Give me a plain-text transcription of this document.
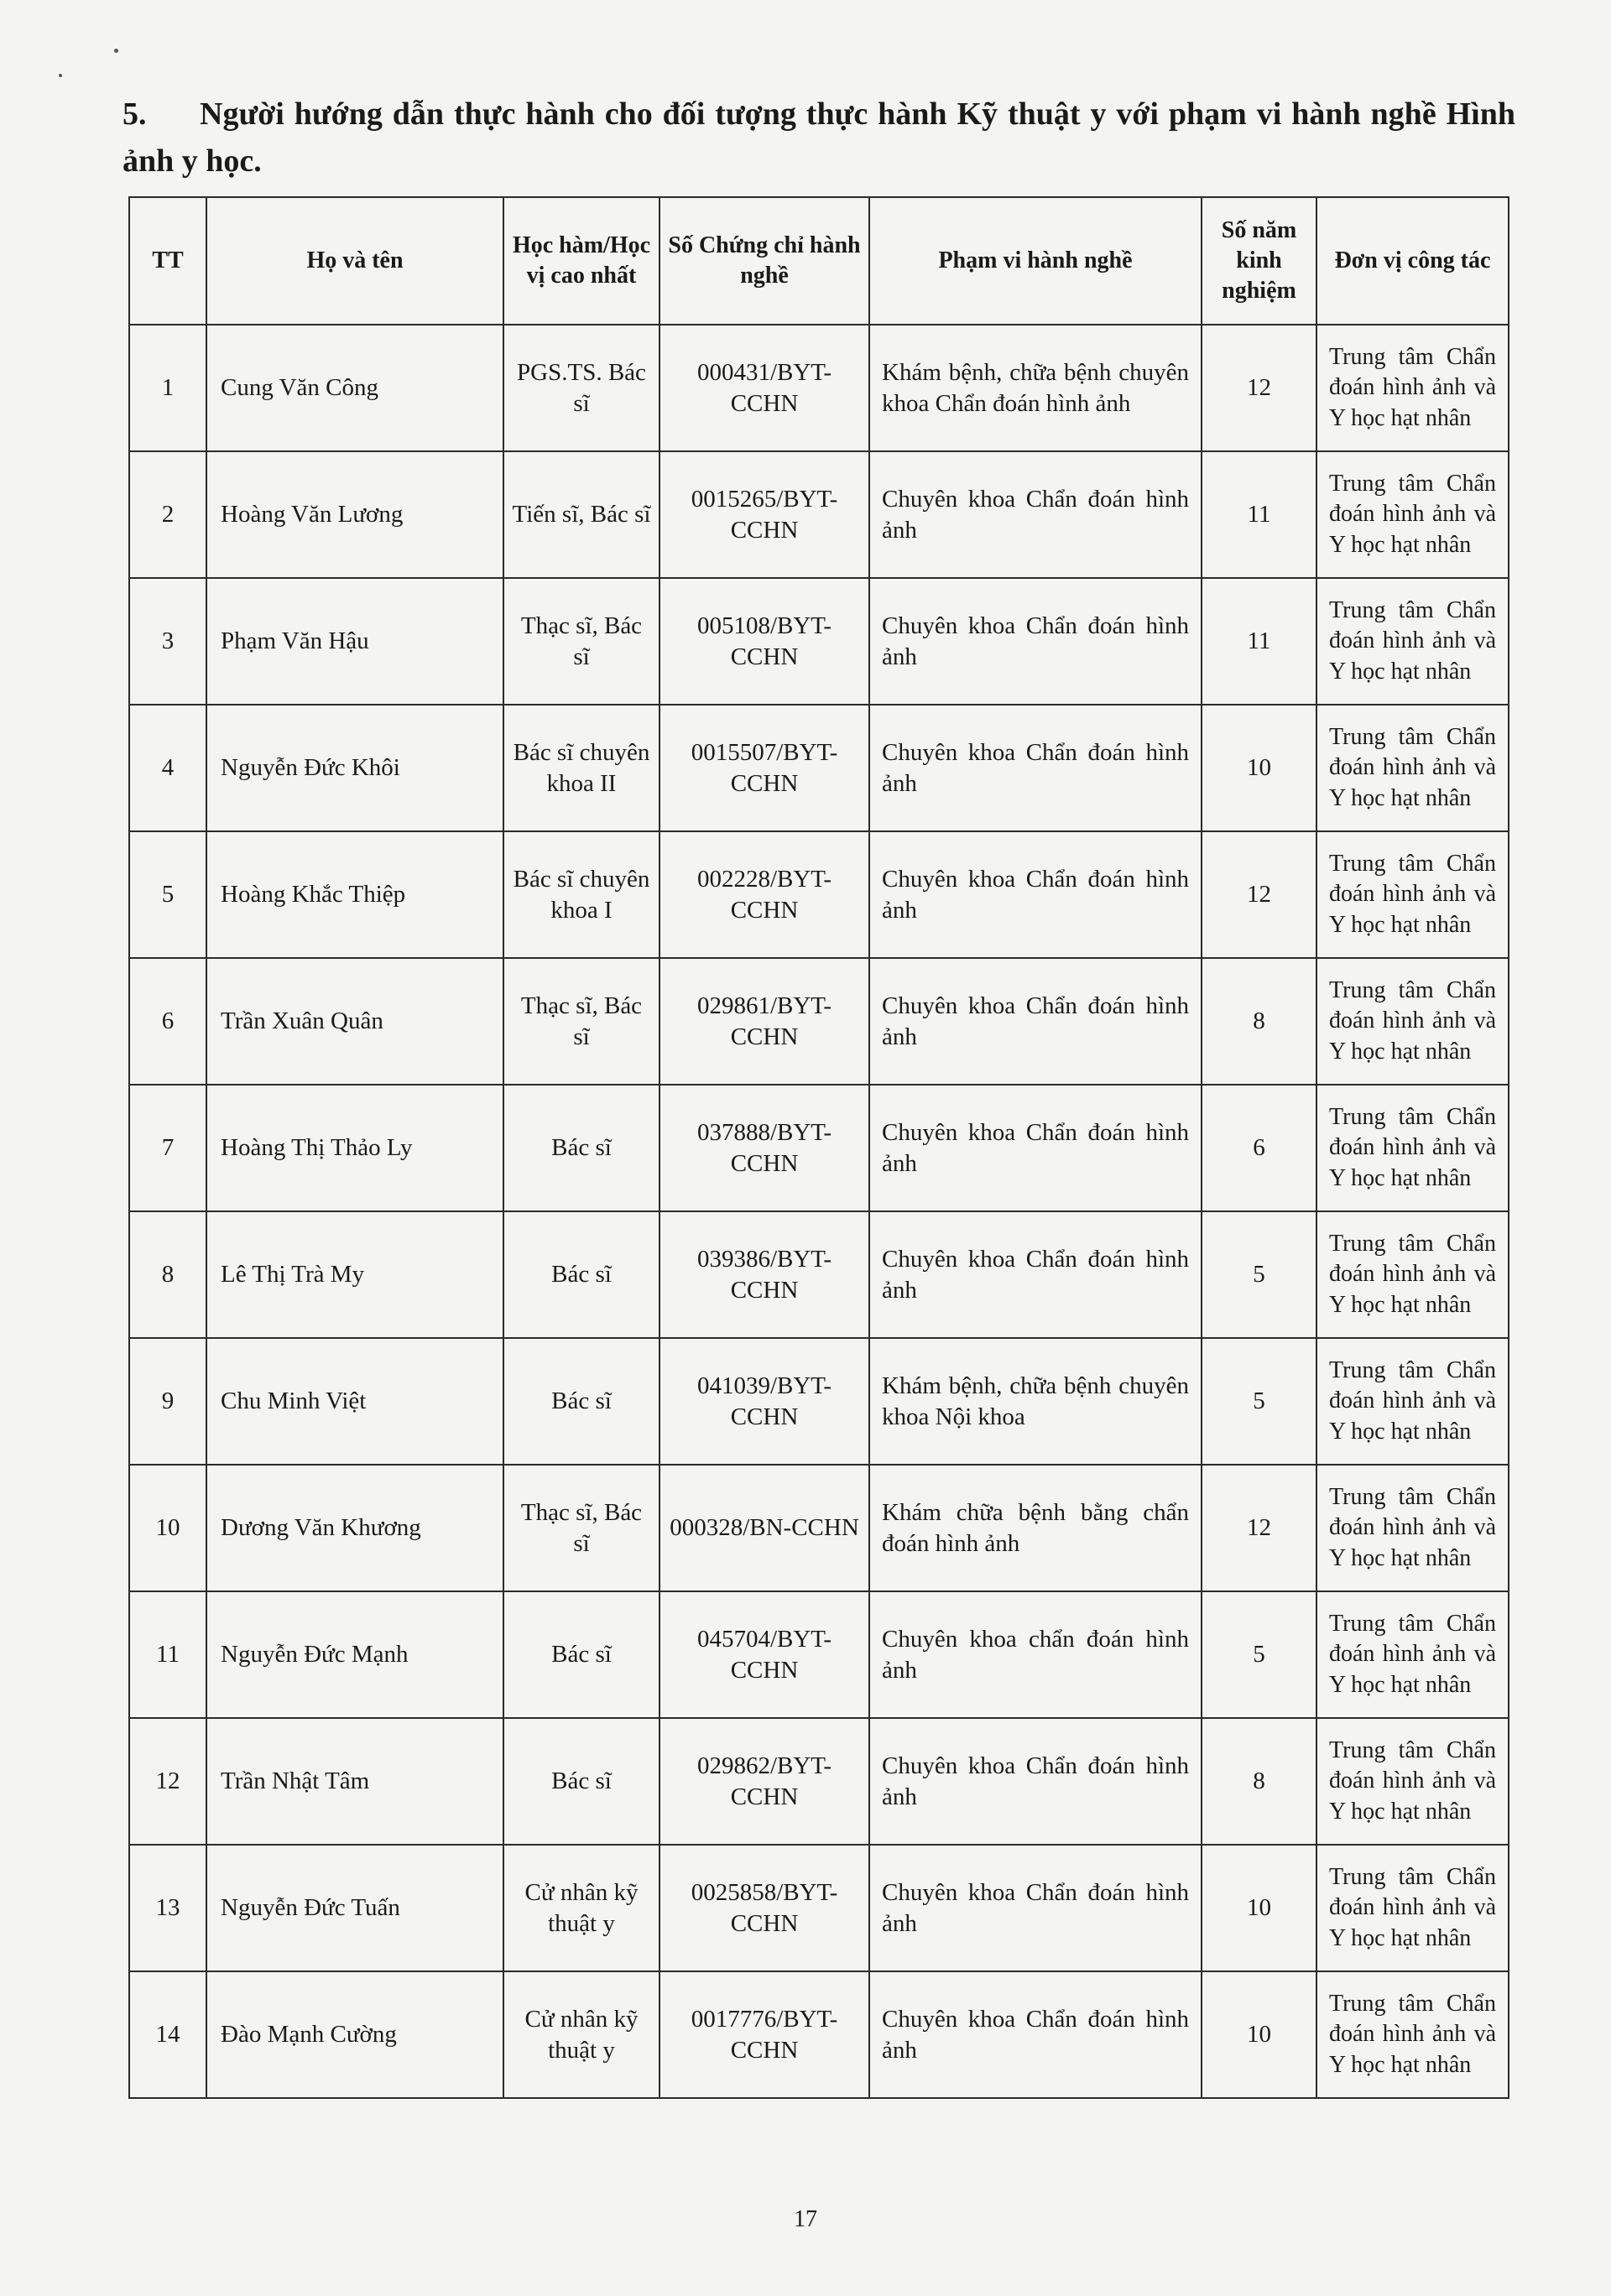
5. Người hướng dẫn thực hành cho đối tượng thực hành Kỹ thuật y với phạm vi hành nghề Hình ảnh y học.

TT	Họ và tên	Học hàm/Học vị cao nhất	Số Chứng chỉ hành nghề	Phạm vi hành nghề	Số năm kinh nghiệm	Đơn vị công tác
1	Cung Văn Công	PGS.TS. Bác sĩ	000431/BYT-CCHN	Khám bệnh, chữa bệnh chuyên khoa Chẩn đoán hình ảnh	12	Trung tâm Chẩn đoán hình ảnh và Y học hạt nhân
2	Hoàng Văn Lương	Tiến sĩ, Bác sĩ	0015265/BYT-CCHN	Chuyên khoa Chẩn đoán hình ảnh	11	Trung tâm Chẩn đoán hình ảnh và Y học hạt nhân
3	Phạm Văn Hậu	Thạc sĩ, Bác sĩ	005108/BYT-CCHN	Chuyên khoa Chẩn đoán hình ảnh	11	Trung tâm Chẩn đoán hình ảnh và Y học hạt nhân
4	Nguyễn Đức Khôi	Bác sĩ chuyên khoa II	0015507/BYT-CCHN	Chuyên khoa Chẩn đoán hình ảnh	10	Trung tâm Chẩn đoán hình ảnh và Y học hạt nhân
5	Hoàng Khắc Thiệp	Bác sĩ chuyên khoa I	002228/BYT-CCHN	Chuyên khoa Chẩn đoán hình ảnh	12	Trung tâm Chẩn đoán hình ảnh và Y học hạt nhân
6	Trần Xuân Quân	Thạc sĩ, Bác sĩ	029861/BYT-CCHN	Chuyên khoa Chẩn đoán hình ảnh	8	Trung tâm Chẩn đoán hình ảnh và Y học hạt nhân
7	Hoàng Thị Thảo Ly	Bác sĩ	037888/BYT-CCHN	Chuyên khoa Chẩn đoán hình ảnh	6	Trung tâm Chẩn đoán hình ảnh và Y học hạt nhân
8	Lê Thị Trà My	Bác sĩ	039386/BYT-CCHN	Chuyên khoa Chẩn đoán hình ảnh	5	Trung tâm Chẩn đoán hình ảnh và Y học hạt nhân
9	Chu Minh Việt	Bác sĩ	041039/BYT-CCHN	Khám bệnh, chữa bệnh chuyên khoa Nội khoa	5	Trung tâm Chẩn đoán hình ảnh và Y học hạt nhân
10	Dương Văn Khương	Thạc sĩ, Bác sĩ	000328/BN-CCHN	Khám chữa bệnh bằng chẩn đoán hình ảnh	12	Trung tâm Chẩn đoán hình ảnh và Y học hạt nhân
11	Nguyễn Đức Mạnh	Bác sĩ	045704/BYT-CCHN	Chuyên khoa chẩn đoán hình ảnh	5	Trung tâm Chẩn đoán hình ảnh và Y học hạt nhân
12	Trần Nhật Tâm	Bác sĩ	029862/BYT-CCHN	Chuyên khoa Chẩn đoán hình ảnh	8	Trung tâm Chẩn đoán hình ảnh và Y học hạt nhân
13	Nguyễn Đức Tuấn	Cử nhân kỹ thuật y	0025858/BYT-CCHN	Chuyên khoa Chẩn đoán hình ảnh	10	Trung tâm Chẩn đoán hình ảnh và Y học hạt nhân
14	Đào Mạnh Cường	Cử nhân kỹ thuật y	0017776/BYT-CCHN	Chuyên khoa Chẩn đoán hình ảnh	10	Trung tâm Chẩn đoán hình ảnh và Y học hạt nhân
17
